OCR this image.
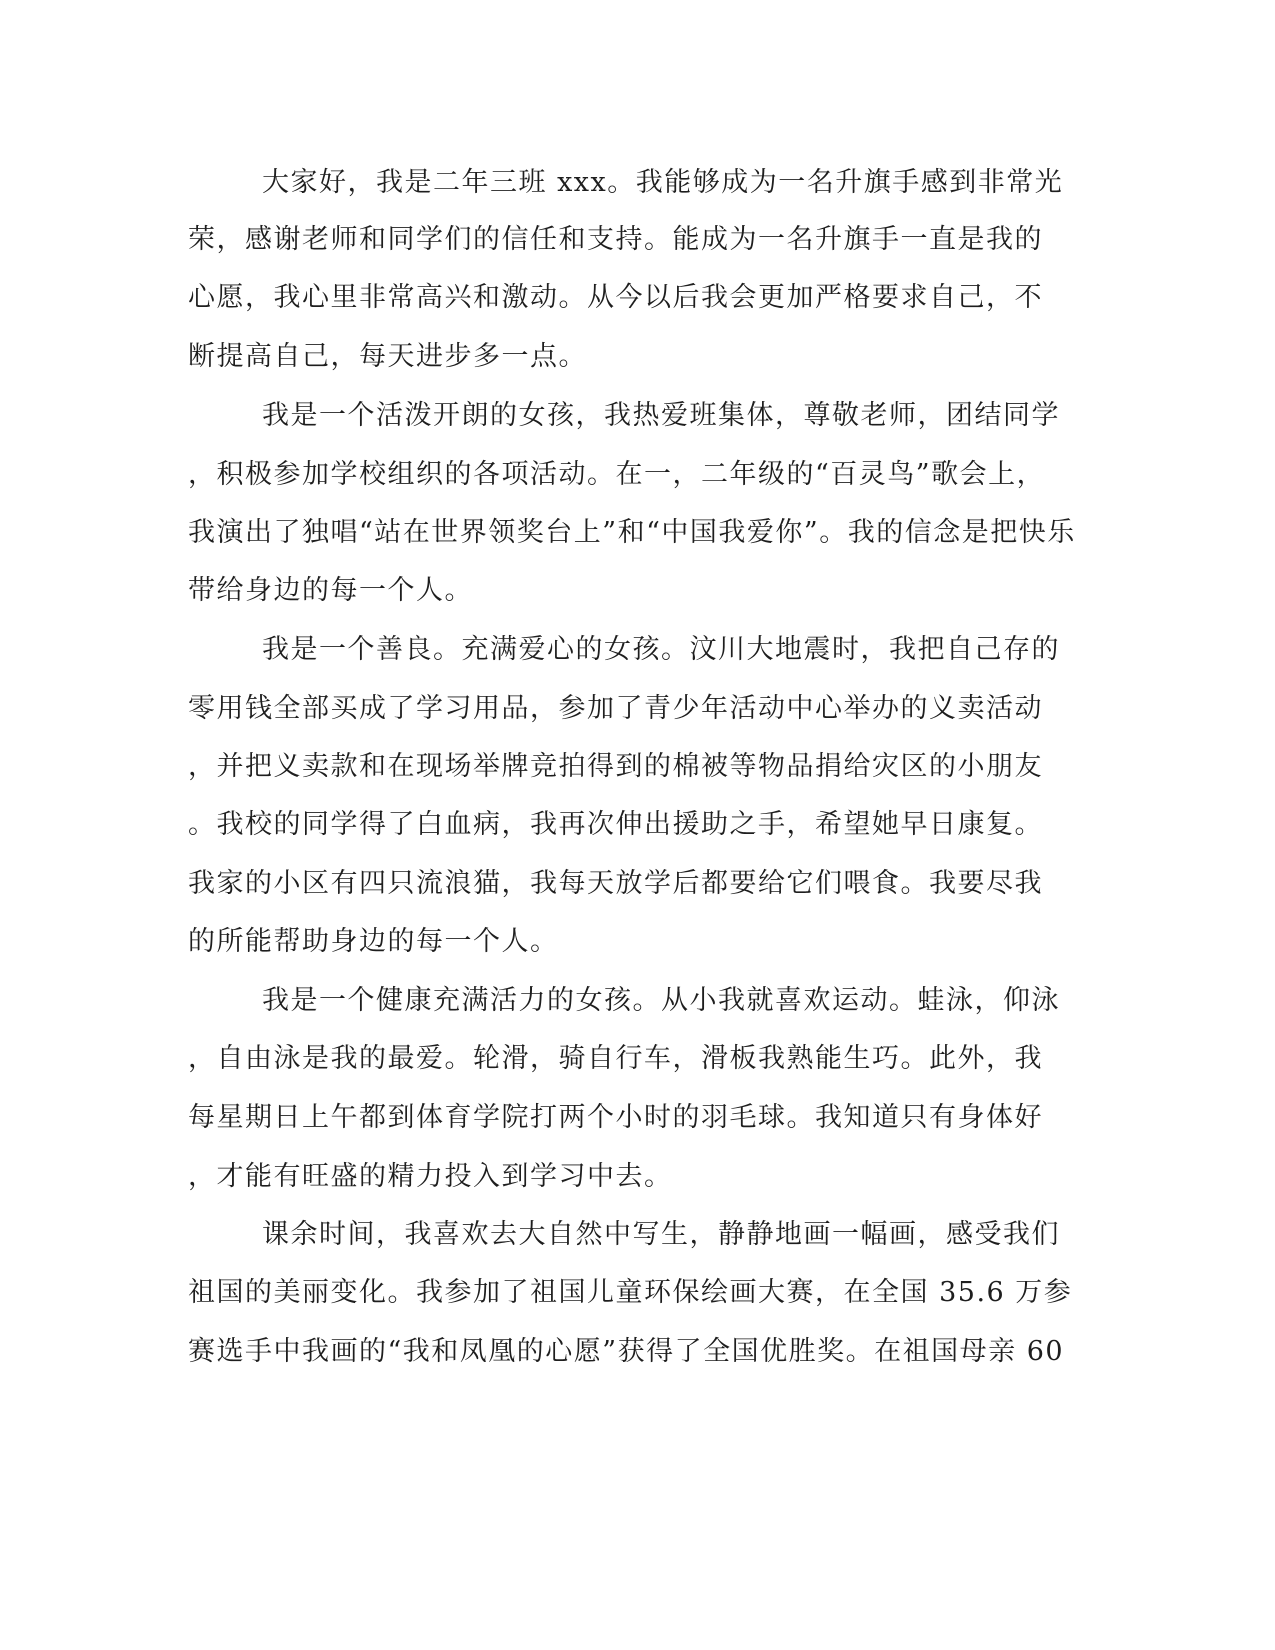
大家好，我是二年三班 xxx。我能够成为一名升旗手感到非常光

荣，感谢老师和同学们的信任和支持。能成为一名升旗手一直是我的

心愿，我心里非常高兴和激动。从今以后我会更加严格要求自己，不

断提高自己，每天进步多一点。

我是一个活泼开朗的女孩，我热爱班集体，尊敬老师，团结同学

，积极参加学校组织的各项活动。在一，二年级的“百灵鸟”歌会上，

我演出了独唱“站在世界领奖台上”和“中国我爱你”。我的信念是把快乐

带给身边的每一个人。

我是一个善良。充满爱心的女孩。汶川大地震时，我把自己存的

零用钱全部买成了学习用品，参加了青少年活动中心举办的义卖活动

，并把义卖款和在现场举牌竞拍得到的棉被等物品捐给灾区的小朋友

。我校的同学得了白血病，我再次伸出援助之手，希望她早日康复。

我家的小区有四只流浪猫，我每天放学后都要给它们喂食。我要尽我

的所能帮助身边的每一个人。

我是一个健康充满活力的女孩。从小我就喜欢运动。蛙泳，仰泳

，自由泳是我的最爱。轮滑，骑自行车，滑板我熟能生巧。此外，我

每星期日上午都到体育学院打两个小时的羽毛球。我知道只有身体好

，才能有旺盛的精力投入到学习中去。

课余时间，我喜欢去大自然中写生，静静地画一幅画，感受我们

祖国的美丽变化。我参加了祖国儿童环保绘画大赛，在全国 35.6 万参

赛选手中我画的“我和凤凰的心愿”获得了全国优胜奖。在祖国母亲 60
